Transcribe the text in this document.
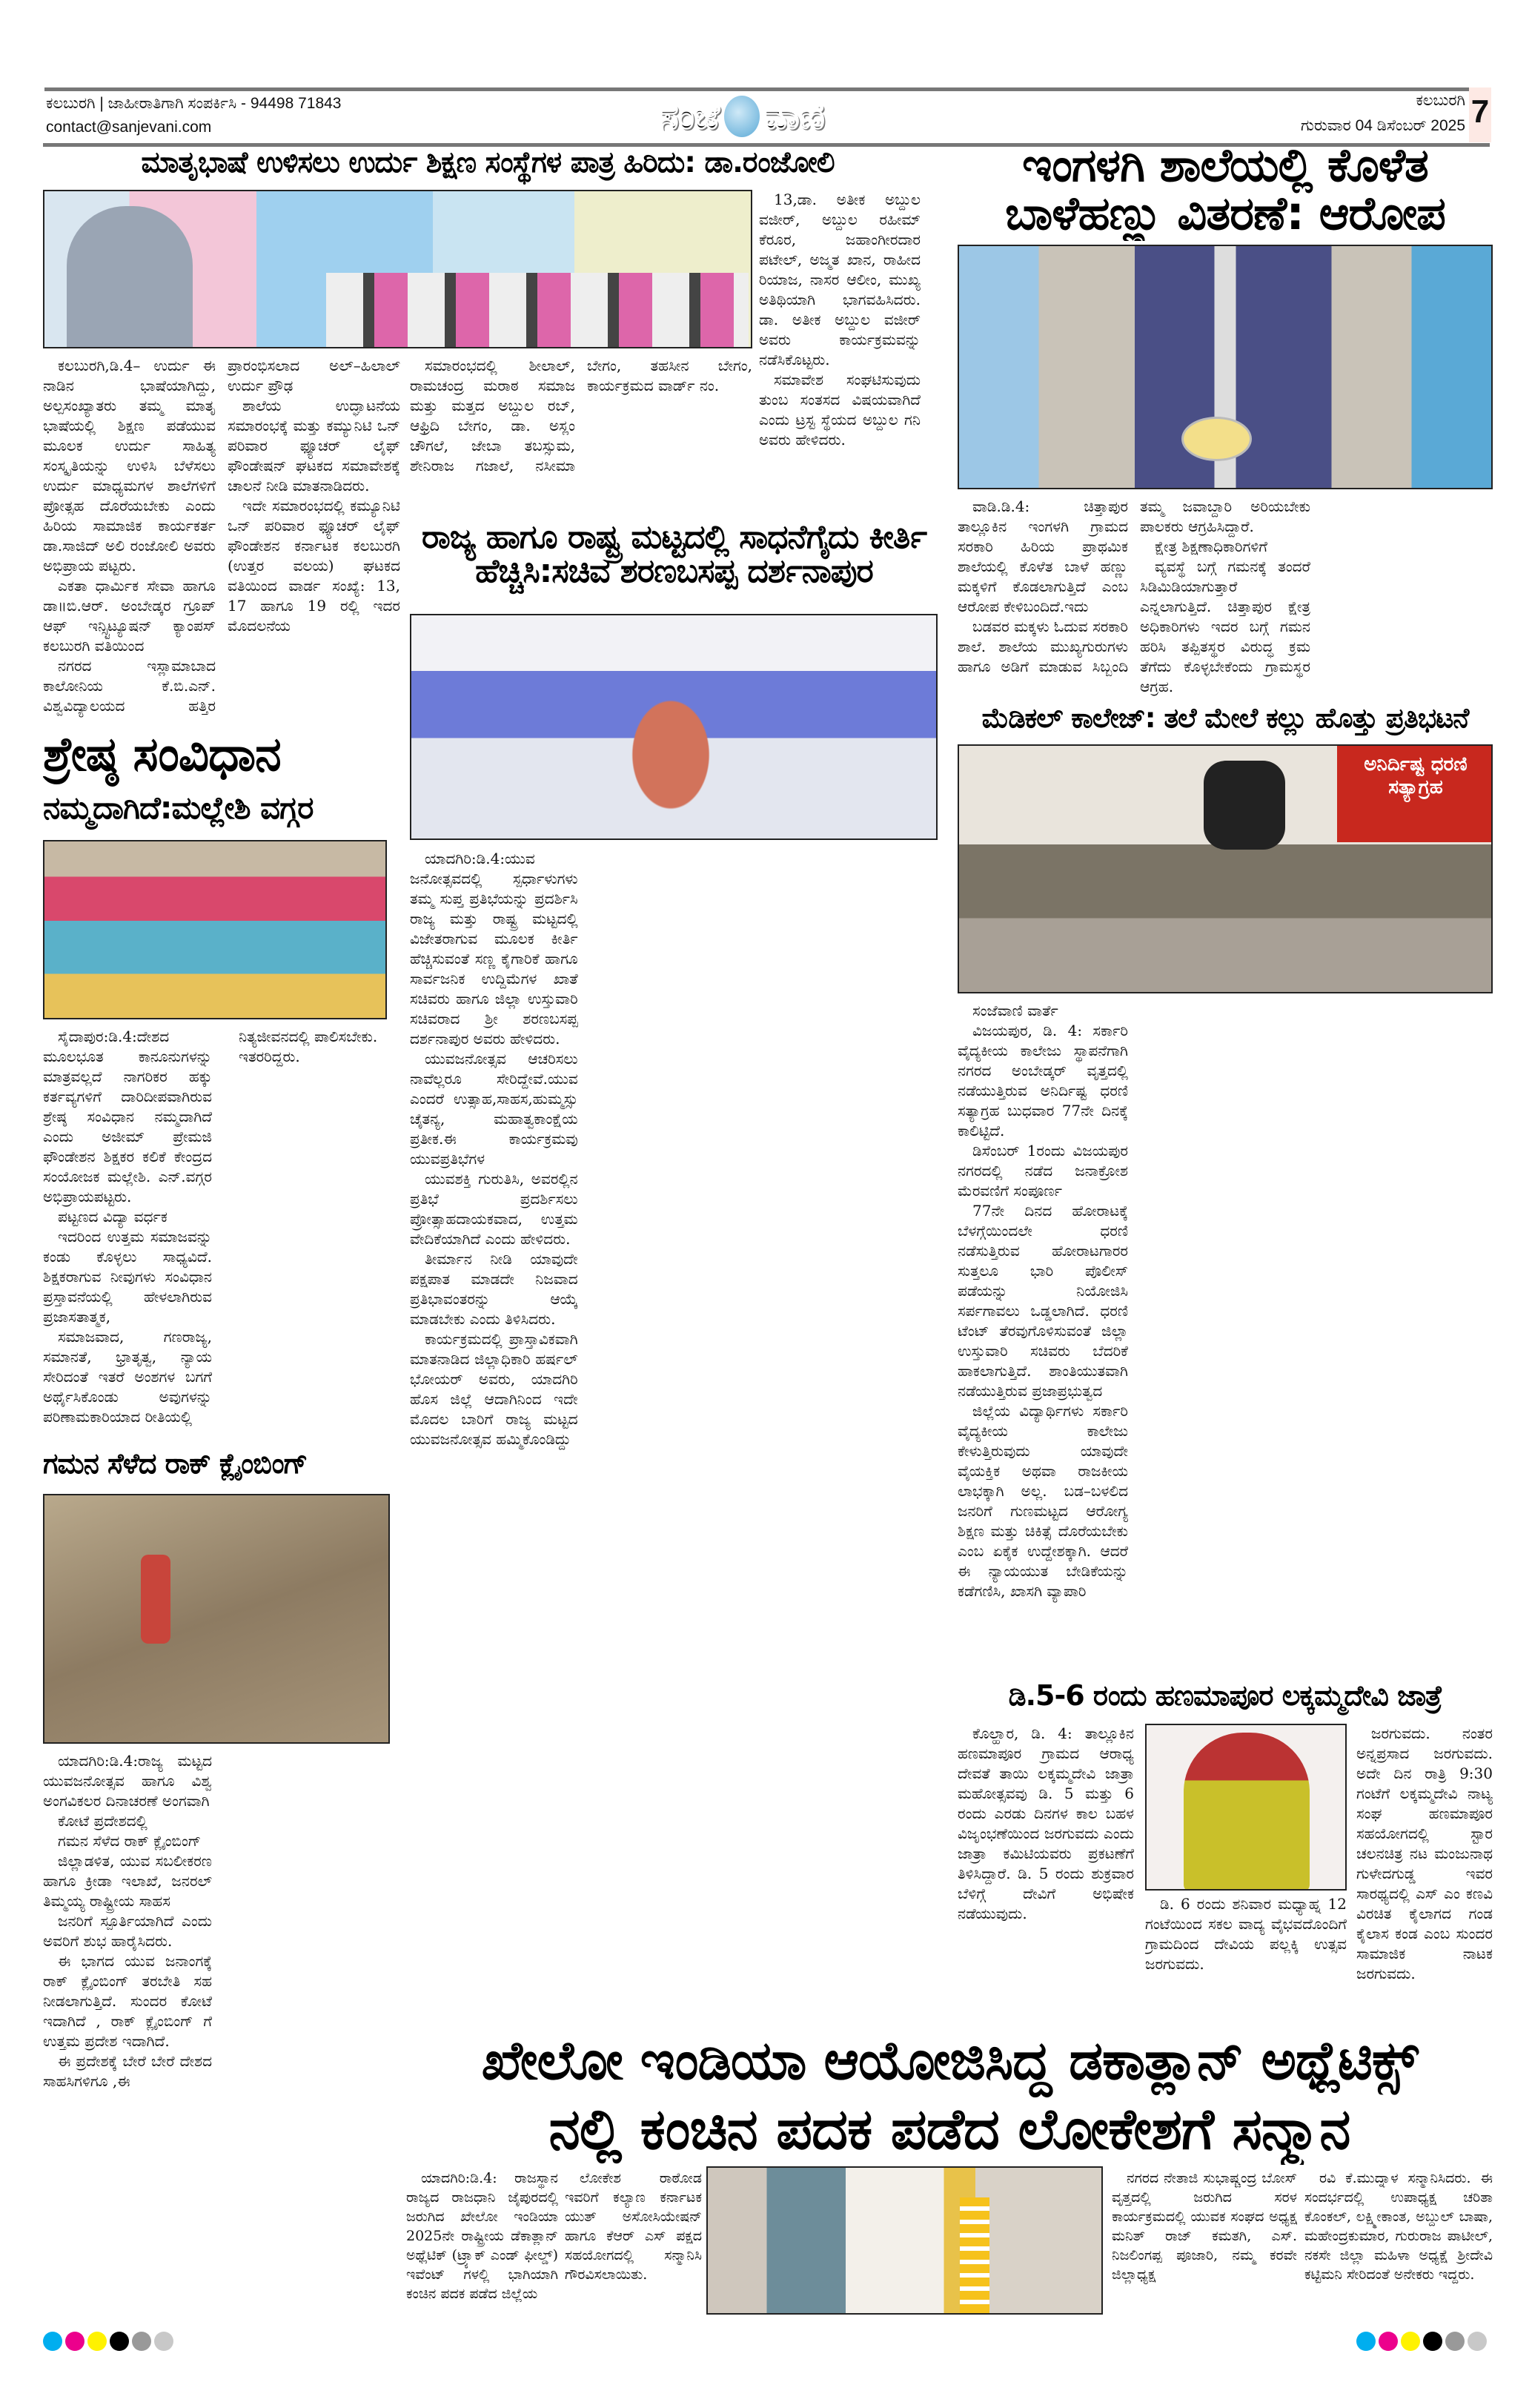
ಕಲಬುರಗಿ | ಜಾಹೀರಾತಿಗಾಗಿ ಸಂಪರ್ಕಿಸಿ - 94498 71843
contact@sanjevani.com	ಸಂಜೆ ವಾಣಿ	ಕಲಬುರಗಿ
ಗುರುವಾರ 04 ಡಿಸೆಂಬರ್ 2025 7
ಮಾತೃಭಾಷೆ ಉಳಿಸಲು ಉರ್ದು ಶಿಕ್ಷಣ ಸಂಸ್ಥೆಗಳ ಪಾತ್ರ ಹಿರಿದು: ಡಾ.ರಂಜೋಲಿ

13,ಡಾ. ಅತೀಕ ಅಬ್ದುಲ ವಜೀರ್, ಅಬ್ದುಲ ರಹೀಮ್ ಕೆರೂರ, ಜಹಾಂಗೀರದಾರ ಪಟೇಲ್, ಅಜ್ಮತ ಖಾನ, ರಾಹೀದ ರಿಯಾಜ, ನಾಸರ ಆಲೀಂ, ಮುಖ್ಯ ಅತಿಥಿಯಾಗಿ ಭಾಗವಹಿಸಿದರು. ಡಾ. ಅತೀಕ ಅಬ್ದುಲ ವಜೀರ್ ಅವರು ಕಾರ್ಯಕ್ರಮವನ್ನು ನಡೆಸಿಕೊಟ್ಟರು.

ಸಮಾವೇಶ ಸಂಘಟಿಸುವುದು ತುಂಬ ಸಂತಸದ ವಿಷಯವಾಗಿದೆ ಎಂದು ಟ್ರಸ್ಟ ಸ್ಥೆಯದ ಅಬ್ದುಲ ಗನಿ ಅವರು ಹೇಳಿದರು.

ಕಲಬುರಗಿ,ಡಿ.4– ಉರ್ದು ಈ ನಾಡಿನ ಭಾಷೆಯಾಗಿದ್ದು, ಅಲ್ಪಸಂಖ್ಯಾತರು ತಮ್ಮ ಮಾತೃ ಭಾಷೆಯಲ್ಲಿ ಶಿಕ್ಷಣ ಪಡೆಯುವ ಮೂಲಕ ಉರ್ದು ಸಾಹಿತ್ಯ ಸಂಸ್ಕೃತಿಯನ್ನು ಉಳಿಸಿ ಬೆಳೆಸಲು ಉರ್ದು ಮಾಧ್ಯಮಗಳ ಶಾಲೆಗಳಿಗೆ ಪ್ರೋತ್ಸಹ ದೊರೆಯಬೇಕು ಎಂದು ಹಿರಿಯ ಸಾಮಾಜಿಕ ಕಾರ್ಯಕರ್ತ ಡಾ.ಸಾಜಿದ್ ಅಲಿ ರಂಜೋಲಿ ಅವರು ಅಭಿಪ್ರಾಯ ಪಟ್ಟರು.

ಎಕತಾ ಧಾರ್ಮಿಕ ಸೇವಾ ಹಾಗೂ ಡಾ॥ಬಿ.ಆರ್. ಅಂಬೇಡ್ಕರ ಗ್ರೂಪ್ ಆಫ್ ಇನ್ಸ್ಟಿಟ್ಯೂಷನ್ ಕ್ಯಾಂಪಸ್ ಕಲಬುರಗಿ ವತಿಯಿಂದ

ನಗರದ ಇಸ್ಲಾಮಾಬಾದ ಕಾಲೋನಿಯ ಕೆ.ಬಿ.ಎನ್. ವಿಶ್ವವಿದ್ಯಾಲಯದ ಹತ್ತಿರ ಪ್ರಾರಂಭಿಸಲಾದ ಅಲ್–ಹಿಲಾಲ್ ಉರ್ದು ಪ್ರೌಢ

ಶಾಲೆಯ ಉದ್ಘಾಟನೆಯ ಸಮಾರಂಭಕ್ಕೆ ಮತ್ತು ಕಮ್ಯುನಿಟಿ ಒನ್ ಪರಿವಾರ ಫ್ಯೂಚರ್ ಲೈಫ್ ಫೌಂಡೇಷನ್ ಘಟಕದ ಸಮಾವೇಶಕ್ಕೆ ಚಾಲನೆ ನೀಡಿ ಮಾತನಾಡಿದರು.

ಇದೇ ಸಮಾರಂಭದಲ್ಲಿ ಕಮ್ಯೂನಿಟಿ ಒನ್ ಪರಿವಾರ ಫ್ಯೂಚರ್ ಲೈಫ್ ಫೌಂಡೇಶನ ಕರ್ನಾಟಕ ಕಲಬುರಗಿ (ಉತ್ತರ ವಲಯ) ಘಟಕದ ವತಿಯಿಂದ ವಾರ್ಡ ಸಂಖ್ಯೆ: 13, 17 ಹಾಗೂ 19 ರಲ್ಲಿ ಇದರ ಮೊದಲನೆಯ

ಸಮಾರಂಭದಲ್ಲಿ ಶೀಲಾಲ್, ರಾಮಚಂದ್ರ ಮರಾಠ ಸಮಾಜ ಮತ್ತು ಮತ್ತದ ಅಬ್ದುಲ ರಬ್, ಆಫ್ರಿದಿ ಬೇಗಂ, ಡಾ. ಅಸ್ಲಂ ಚೌಗಲೆ, ಜೇಬಾ ತಬಸ್ಸುಮ, ಶೇನಿರಾಜ ಗಜಾಲೆ, ನಸೀಮಾ ಬೇಗಂ, ತಹಸೀನ ಬೇಗಂ, ಕಾರ್ಯಕ್ರಮದ ವಾರ್ಡ್ ನಂ.

ರಾಜ್ಯ ಹಾಗೂ ರಾಷ್ಟ್ರ ಮಟ್ಟದಲ್ಲಿ ಸಾಧನೆಗೈದು ಕೀರ್ತಿ ಹೆಚ್ಚಿಸಿ:ಸಚಿವ ಶರಣಬಸಪ್ಪ ದರ್ಶನಾಪುರ

ಯಾದಗಿರಿ:ಡಿ.4:ಯುವ ಜನೋತ್ಸವದಲ್ಲಿ ಸ್ಪರ್ಧಾಳುಗಳು ತಮ್ಮ ಸುಪ್ತ ಪ್ರತಿಭೆಯನ್ನು ಪ್ರದರ್ಶಿಸಿ ರಾಜ್ಯ ಮತ್ತು ರಾಷ್ಟ್ರ ಮಟ್ಟದಲ್ಲಿ ವಿಜೇತರಾಗುವ ಮೂಲಕ ಕೀರ್ತಿ ಹೆಚ್ಚಿಸುವಂತೆ ಸಣ್ಣ ಕೈಗಾರಿಕೆ ಹಾಗೂ ಸಾರ್ವಜನಿಕ ಉದ್ದಿಮೆಗಳ ಖಾತೆ ಸಚಿವರು ಹಾಗೂ ಜಿಲ್ಲಾ ಉಸ್ತುವಾರಿ ಸಚಿವರಾದ ಶ್ರೀ ಶರಣಬಸಪ್ಪ ದರ್ಶನಾಪುರ ಅವರು ಹೇಳಿದರು.

ಯುವಜನೋತ್ಸವ ಆಚರಿಸಲು ನಾವೆಲ್ಲರೂ ಸೇರಿದ್ದೇವೆ.ಯುವ ಎಂದರೆ ಉತ್ಸಾಹ,ಸಾಹಸ,ಹುಮ್ಮಸ್ಸು ಚೈತನ್ಯ, ಮಹಾತ್ವಕಾಂಕ್ಷೆಯ ಪ್ರತೀಕ.ಈ ಕಾರ್ಯಕ್ರಮವು ಯುವಪ್ರತಿಭೆಗಳ

ಯುವಶಕ್ತಿ ಗುರುತಿಸಿ, ಅವರಲ್ಲಿನ ಪ್ರತಿಭೆ ಪ್ರದರ್ಶಿಸಲು ಪ್ರೋತ್ಸಾಹದಾಯಕವಾದ, ಉತ್ತಮ ವೇದಿಕೆಯಾಗಿದೆ ಎಂದು ಹೇಳಿದರು.

ತೀರ್ಮಾನ ನೀಡಿ ಯಾವುದೇ ಪಕ್ಷಪಾತ ಮಾಡದೇ ನಿಜವಾದ ಪ್ರತಿಭಾವಂತರನ್ನು ಆಯ್ಕೆ ಮಾಡಬೇಕು ಎಂದು ತಿಳಿಸಿದರು.

ಕಾರ್ಯಕ್ರಮದಲ್ಲಿ ಪ್ರಾಸ್ತಾವಿಕವಾಗಿ ಮಾತನಾಡಿದ ಜಿಲ್ಲಾಧಿಕಾರಿ ಹರ್ಷಲ್ ಭೋಯರ್ ಅವರು, ಯಾದಗಿರಿ ಹೊಸ ಜಿಲ್ಲೆ ಆದಾಗಿನಿಂದ ಇದೇ ಮೊದಲ ಬಾರಿಗೆ ರಾಜ್ಯ ಮಟ್ಟದ ಯುವಜನೋತ್ಸವ ಹಮ್ಮಿಕೊಂಡಿದ್ದು

ಶ್ರೇಷ್ಠ ಸಂವಿಧಾನ
ನಮ್ಮದಾಗಿದೆ:ಮಲ್ಲೇಶಿ ವಗ್ಗರ

ಸೈದಾಪುರ:ಡಿ.4:ದೇಶದ ಮೂಲಭೂತ ಕಾನೂನುಗಳನ್ನು ಮಾತ್ರವಲ್ಲದೆ ನಾಗರಿಕರ ಹಕ್ಕು ಕರ್ತವ್ಯಗಳಿಗೆ ದಾರಿದೀಪವಾಗಿರುವ ಶ್ರೇಷ್ಠ ಸಂವಿಧಾನ ನಮ್ಮದಾಗಿದೆ ಎಂದು ಅಜೀಮ್ ಪ್ರೇಮಜಿ ಫೌಂಡೇಶನ ಶಿಕ್ಷಕರ ಕಲಿಕೆ ಕೇಂದ್ರದ ಸಂಯೋಜಕ ಮಲ್ಲೇಶಿ. ಎನ್.ವಗ್ಗರ ಅಭಿಪ್ರಾಯಪಟ್ಟರು.

ಪಟ್ಟಣದ ವಿದ್ಯಾ ವರ್ಧಕ

ಇದರಿಂದ ಉತ್ತಮ ಸಮಾಜವನ್ನು ಕಂಡು ಕೊಳ್ಳಲು ಸಾಧ್ಯವಿದೆ. ಶಿಕ್ಷಕರಾಗುವ ನೀವುಗಳು ಸಂವಿಧಾನ ಪ್ರಸ್ತಾವನೆಯಲ್ಲಿ ಹೇಳಲಾಗಿರುವ ಪ್ರಜಾಸತಾತ್ಮಕ,

ಸಮಾಜವಾದ, ಗಣರಾಜ್ಯ, ಸಮಾನತೆ, ಭ್ರಾತೃತ್ವ, ನ್ಯಾಯ ಸೇರಿದಂತೆ ಇತರೆ ಅಂಶಗಳ ಬಗಗೆ ಅರ್ಥೈಸಿಕೊಂಡು ಅವುಗಳನ್ನು ಪರಿಣಾಮಕಾರಿಯಾದ ರೀತಿಯಲ್ಲಿ

ನಿತ್ಯಜೀವನದಲ್ಲಿ ಪಾಲಿಸಬೇಕು.

ಇತರರಿದ್ದರು.

ಗಮನ ಸೆಳೆದ ರಾಕ್ ಕ್ಲೈಂಬಿಂಗ್

ಯಾದಗಿರಿ:ಡಿ.4:ರಾಜ್ಯ ಮಟ್ಟದ ಯುವಜನೋತ್ಸವ ಹಾಗೂ ವಿಶ್ವ ಅಂಗವಿಕಲರ ದಿನಾಚರಣೆ ಅಂಗವಾಗಿ

ಕೋಟೆ ಪ್ರದೇಶದಲ್ಲಿ

ಗಮನ ಸೆಳೆದ ರಾಕ್ ಕ್ಲೈಂಬಿಂಗ್

ಜಿಲ್ಲಾಡಳಿತ, ಯುವ ಸಬಲೀಕರಣ ಹಾಗೂ ಕ್ರೀಡಾ ಇಲಾಖೆ, ಜನರಲ್ ತಿಮ್ಮಯ್ಯ ರಾಷ್ಟ್ರೀಯ ಸಾಹಸ

ಜನರಿಗೆ ಸ್ಪೂರ್ತಿಯಾಗಿದೆ ಎಂದು ಅವರಿಗೆ ಶುಭ ಹಾರೈಸಿದರು.

ಈ ಭಾಗದ ಯುವ ಜನಾಂಗಕ್ಕೆ ರಾಕ್ ಕ್ಲೈಂಬಿಂಗ್ ತರಬೇತಿ ಸಹ ನೀಡಲಾಗುತ್ತಿದೆ. ಸುಂದರ ಕೋಟೆ ಇದಾಗಿದೆ , ರಾಕ್ ಕ್ಲೈಂಬಿಂಗ್ ಗೆ ಉತ್ತಮ ಪ್ರದೇಶ ಇದಾಗಿದೆ.

ಈ ಪ್ರದೇಶಕ್ಕೆ ಬೇರೆ ಬೇರೆ ದೇಶದ ಸಾಹಸಿಗಳಿಗೂ ,ಈ

ಇಂಗಳಗಿ ಶಾಲೆಯಲ್ಲಿ ಕೊಳೆತ ಬಾಳೆಹಣ್ಣು ವಿತರಣೆ: ಆರೋಪ

ವಾಡಿ.ಡಿ.4: ಚಿತ್ತಾಪುರ ತಾಲ್ಲೂಕಿನ ಇಂಗಳಗಿ ಗ್ರಾಮದ ಸರಕಾರಿ ಹಿರಿಯ ಪ್ರಾಥಮಿಕ ಶಾಲೆಯಲ್ಲಿ ಕೊಳೆತ ಬಾಳೆ ಹಣ್ಣು ಮಕ್ಕಳಿಗೆ ಕೊಡಲಾಗುತ್ತಿದೆ ಎಂಬ ಆರೋಪ ಕೇಳಿಬಂದಿದೆ.ಇದು

ಬಡವರ ಮಕ್ಕಳು ಓದುವ ಸರಕಾರಿ ಶಾಲೆ. ಶಾಲೆಯ ಮುಖ್ಯಗುರುಗಳು ಹಾಗೂ ಅಡಿಗೆ ಮಾಡುವ ಸಿಬ್ಬಂದಿ ತಮ್ಮ ಜವಾಬ್ದಾರಿ ಅರಿಯಬೇಕು ಪಾಲಕರು ಆಗ್ರಹಿಸಿದ್ದಾರೆ.

ಕ್ಷೇತ್ರ ಶಿಕ್ಷಣಾಧಿಕಾರಿಗಳಿಗೆ

ವ್ಯವಸ್ಥೆ ಬಗ್ಗೆ ಗಮನಕ್ಕೆ ತಂದರೆ ಸಿಡಿಮಿಡಿಯಾಗುತ್ತಾರೆ ಎನ್ನಲಾಗುತ್ತಿದೆ. ಚಿತ್ತಾಪುರ ಕ್ಷೇತ್ರ ಅಧಿಕಾರಿಗಳು ಇದರ ಬಗ್ಗೆ ಗಮನ ಹರಿಸಿ ತಪ್ಪಿತಸ್ಥರ ವಿರುದ್ಧ ಕ್ರಮ ತೆಗೆದು ಕೊಳ್ಳಬೇಕೆಂದು ಗ್ರಾಮಸ್ಥರ ಆಗ್ರಹ.

ಮೆಡಿಕಲ್ ಕಾಲೇಜ್: ತಲೆ ಮೇಲೆ ಕಲ್ಲು ಹೊತ್ತು ಪ್ರತಿಭಟನೆ
ಅನಿರ್ದಿಷ್ಟ ಧರಣಿ ಸತ್ಯಾಗ್ರಹ

ಸಂಜೆವಾಣಿ ವಾರ್ತೆ

ವಿಜಯಪುರ, ಡಿ. 4: ಸರ್ಕಾರಿ ವೈದ್ಯಕೀಯ ಕಾಲೇಜು ಸ್ಥಾಪನೆಗಾಗಿ ನಗರದ ಅಂಬೇಡ್ಕರ್ ವೃತ್ತದಲ್ಲಿ ನಡೆಯುತ್ತಿರುವ ಅನಿರ್ದಿಷ್ಟ ಧರಣಿ ಸತ್ಯಾಗ್ರಹ ಬುಧವಾರ 77ನೇ ದಿನಕ್ಕೆ ಕಾಲಿಟ್ಟಿದೆ.

ಡಿಸೆಂಬರ್ 1ರಂದು ವಿಜಯಪುರ ನಗರದಲ್ಲಿ ನಡೆದ ಜನಾಕ್ರೋಶ ಮೆರವಣಿಗೆ ಸಂಪೂರ್ಣ

77ನೇ ದಿನದ ಹೋರಾಟಕ್ಕೆ ಬೆಳಗ್ಗೆಯಿಂದಲೇ ಧರಣಿ ನಡೆಸುತ್ತಿರುವ ಹೋರಾಟಗಾರರ ಸುತ್ತಲೂ ಭಾರಿ ಪೊಲೀಸ್ ಪಡೆಯನ್ನು ನಿಯೋಜಿಸಿ ಸರ್ಪಗಾವಲು ಒಡ್ಡಲಾಗಿದೆ. ಧರಣಿ ಟೆಂಟ್ ತೆರವುಗೊಳಿಸುವಂತೆ ಜಿಲ್ಲಾ ಉಸ್ತುವಾರಿ ಸಚಿವರು ಬೆದರಿಕೆ ಹಾಕಲಾಗುತ್ತಿದೆ. ಶಾಂತಿಯುತವಾಗಿ ನಡೆಯುತ್ತಿರುವ ಪ್ರಜಾಪ್ರಭುತ್ವದ

ಜಿಲ್ಲೆಯ ವಿದ್ಯಾರ್ಥಿಗಳು ಸರ್ಕಾರಿ ವೈದ್ಯಕೀಯ ಕಾಲೇಜು ಕೇಳುತ್ತಿರುವುದು ಯಾವುದೇ ವೈಯಕ್ತಿಕ ಅಥವಾ ರಾಜಕೀಯ ಲಾಭಕ್ಕಾಗಿ ಅಲ್ಲ. ಬಡ–ಬಳಲಿದ ಜನರಿಗೆ ಗುಣಮಟ್ಟದ ಆರೋಗ್ಯ ಶಿಕ್ಷಣ ಮತ್ತು ಚಿಕಿತ್ಸೆ ದೊರೆಯಬೇಕು ಎಂಬ ಏಕೈಕ ಉದ್ದೇಶಕ್ಕಾಗಿ. ಆದರೆ ಈ ನ್ಯಾಯಯುತ ಬೇಡಿಕೆಯನ್ನು ಕಡೆಗಣಿಸಿ, ಖಾಸಗಿ ವ್ಯಾಪಾರಿ

ಡಿ.5-6 ರಂದು ಹಣಮಾಪೂರ ಲಕ್ಕಮ್ಮದೇವಿ ಜಾತ್ರೆ

ಕೊಲ್ಹಾರ, ಡಿ. 4: ತಾಲ್ಲೂಕಿನ ಹಣಮಾಪೂರ ಗ್ರಾಮದ ಆರಾಧ್ಯ ದೇವತೆ ತಾಯಿ ಲಕ್ಕಮ್ಮದೇವಿ ಜಾತ್ರಾ ಮಹೋತ್ಸವವು ಡಿ. 5 ಮತ್ತು 6 ರಂದು ಎರಡು ದಿನಗಳ ಕಾಲ ಬಹಳ ವಿಜೃಂಭಣೆಯಿಂದ ಜರಗುವದು ಎಂದು ಜಾತ್ರಾ ಕಮಿಟಿಯವರು ಪ್ರಕಟಣೆಗೆ ತಿಳಿಸಿದ್ದಾರೆ. ಡಿ. 5 ರಂದು ಶುಕ್ರವಾರ ಬೆಳಿಗ್ಗೆ ದೇವಿಗೆ ಅಭಿಷೇಕ ನಡೆಯುವುದು.

ಡಿ. 6 ರಂದು ಶನಿವಾರ ಮಧ್ಯಾಹ್ನ 12 ಗಂಟೆಯಿಂದ ಸಕಲ ವಾದ್ಯ ವೈಭವದೊಂದಿಗೆ ಗ್ರಾಮದಿಂದ ದೇವಿಯ ಪಲ್ಲಕ್ಕಿ ಉತ್ಸವ ಜರಗುವದು.

ಜರಗುವದು. ನಂತರ ಅನ್ನಪ್ರಸಾದ ಜರಗುವದು. ಅದೇ ದಿನ ರಾತ್ರಿ 9:30 ಗಂಟೆಗೆ ಲಕ್ಕಮ್ಮದೇವಿ ನಾಟ್ಯ ಸಂಘ ಹಣಮಾಪೂರ ಸಹಯೋಗದಲ್ಲಿ ಸ್ಟಾರ ಚಲನಚಿತ್ರ ನಟ ಮಂಜುನಾಥ ಗುಳೇದಗುಡ್ಡ ಇವರ ಸಾರಥ್ಯದಲ್ಲಿ ಎಸ್ ಎಂ ಕಣವಿ ವಿರಚಿತ ಕೈಲಾಗದ ಗಂಡ ಕೈಲಾಸ ಕಂಡ ಎಂಬ ಸುಂದರ ಸಾಮಾಜಿಕ ನಾಟಕ ಜರಗುವದು.

ಖೇಲೋ ಇಂಡಿಯಾ ಆಯೋಜಿಸಿದ್ದ ಡಕಾತ್ಲಾನ್ ಅಥ್ಲೆಟಿಕ್ಸ್
ನಲ್ಲಿ ಕಂಚಿನ ಪದಕ ಪಡೆದ ಲೋಕೇಶಗೆ ಸನ್ಮಾನ

ಯಾದಗಿರಿ:ಡಿ.4: ರಾಜಸ್ಥಾನ ರಾಜ್ಯದ ರಾಜಧಾನಿ ಜೈಪುರದಲ್ಲಿ ಜರುಗಿದ ಖೇಲೋ ಇಂಡಿಯಾ 2025ನೇ ರಾಷ್ಟ್ರೀಯ ಡೆಕಾತ್ಲಾನ್ ಅಥ್ಲೆಟಿಕ್ (ಟ್ರ್ಯಾಕ್ ಎಂಡ್ ಫೀಲ್ಡ್) ಇವೆಂಟ್ ಗಳಲ್ಲಿ ಭಾಗಿಯಾಗಿ ಕಂಚಿನ ಪದಕ ಪಡೆದ ಜಿಲ್ಲೆಯ

ಲೋಕೇಶ ರಾಠೋಡ ಇವರಿಗೆ ಕಲ್ಯಾಣ ಕರ್ನಾಟಕ ಯುತ್ ಅಸೋಸಿಯೇಷನ್ ಹಾಗೂ ಕೆಆರ್ ಎಸ್ ಪಕ್ಷದ ಸಹಯೋಗದಲ್ಲಿ ಸನ್ಮಾನಿಸಿ ಗೌರವಿಸಲಾಯಿತು.

ನಗರದ ನೇತಾಜಿ ಸುಭಾಷ್ಚಂದ್ರ ಬೋಸ್ ವೃತ್ತದಲ್ಲಿ ಜರುಗಿದ ಸರಳ ಕಾರ್ಯಕ್ರಮದಲ್ಲಿ ಯುವಕ ಸಂಘದ ಅಧ್ಯಕ್ಷ ಮನಿತ್ ರಾಜ್ ಕಮತಗಿ, ಎಸ್. ನಿಜಲಿಂಗಪ್ಪ ಪೂಜಾರಿ, ನಮ್ಮ ಕರವೇ ಜಿಲ್ಲಾಧ್ಯಕ್ಷ

ರವಿ ಕೆ.ಮುದ್ನಾಳ ಸನ್ಮಾನಿಸಿದರು. ಈ ಸಂದರ್ಭದಲ್ಲಿ ಉಪಾಧ್ಯಕ್ಷ ಚರಿತಾ ಕೊಂಕಲ್, ಲಕ್ಷ್ಮೀಕಾಂತ, ಅಬ್ದುಲ್ ಬಾಷಾ, ಮಹೇಂದ್ರಕುಮಾರ, ಗುರುರಾಜ ಪಾಟೀಲ್, ನಕಸೇ ಜಿಲ್ಲಾ ಮಹಿಳಾ ಅಧ್ಯಕ್ಷೆ ಶ್ರೀದೇವಿ ಕಟ್ಟಿಮನಿ ಸೇರಿದಂತೆ ಅನೇಕರು ಇದ್ದರು.
